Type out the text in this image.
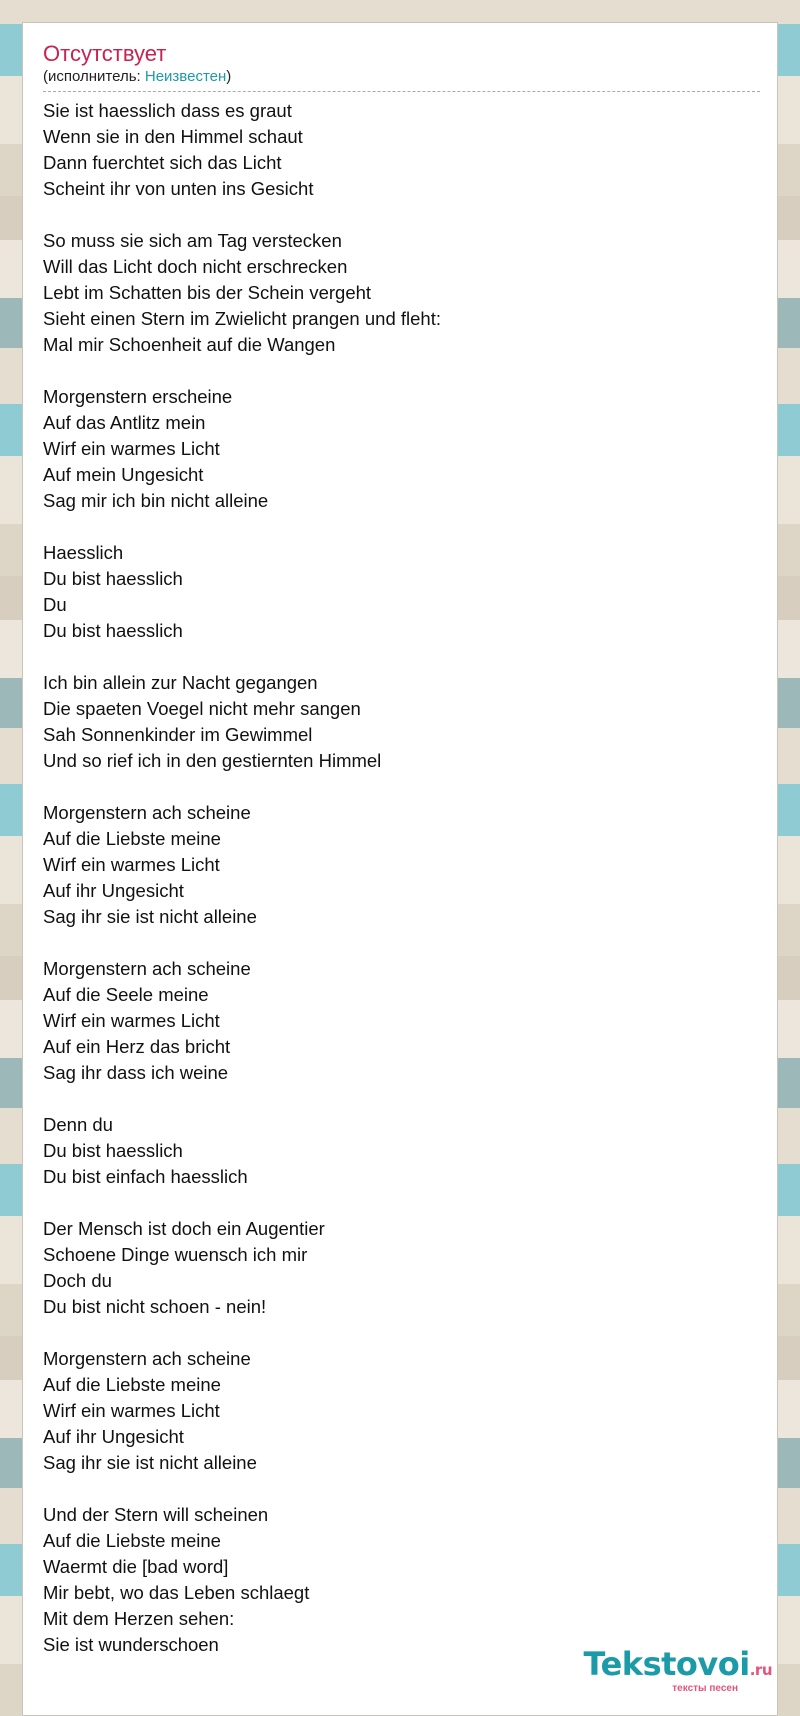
Отсутствует
(исполнитель: Неизвестен)
Sie ist haesslich dass es graut
Wenn sie in den Himmel schaut
Dann fuerchtet sich das Licht
Scheint ihr von unten ins Gesicht
So muss sie sich am Tag verstecken
Will das Licht doch nicht erschrecken
Lebt im Schatten bis der Schein vergeht
Sieht einen Stern im Zwielicht prangen und fleht:
Mal mir Schoenheit auf die Wangen
Morgenstern erscheine
Auf das Antlitz mein
Wirf ein warmes Licht
Auf mein Ungesicht
Sag mir ich bin nicht alleine
Haesslich
Du bist haesslich
Du
Du bist haesslich
Ich bin allein zur Nacht gegangen
Die spaeten Voegel nicht mehr sangen
Sah Sonnenkinder im Gewimmel
Und so rief ich in den gestiernten Himmel
Morgenstern ach scheine
Auf die Liebste meine
Wirf ein warmes Licht
Auf ihr Ungesicht
Sag ihr sie ist nicht alleine
Morgenstern ach scheine
Auf die Seele meine
Wirf ein warmes Licht
Auf ein Herz das bricht
Sag ihr dass ich weine
Denn du
Du bist haesslich
Du bist einfach haesslich
Der Mensch ist doch ein Augentier
Schoene Dinge wuensch ich mir
Doch du
Du bist nicht schoen - nein!
Morgenstern ach scheine
Auf die Liebste meine
Wirf ein warmes Licht
Auf ihr Ungesicht
Sag ihr sie ist nicht alleine
Und der Stern will scheinen
Auf die Liebste meine
Waermt die [bad word]
Mir bebt, wo das Leben schlaegt
Mit dem Herzen sehen:
Sie ist wunderschoen
Tekstovoi.ru
тексты песен
